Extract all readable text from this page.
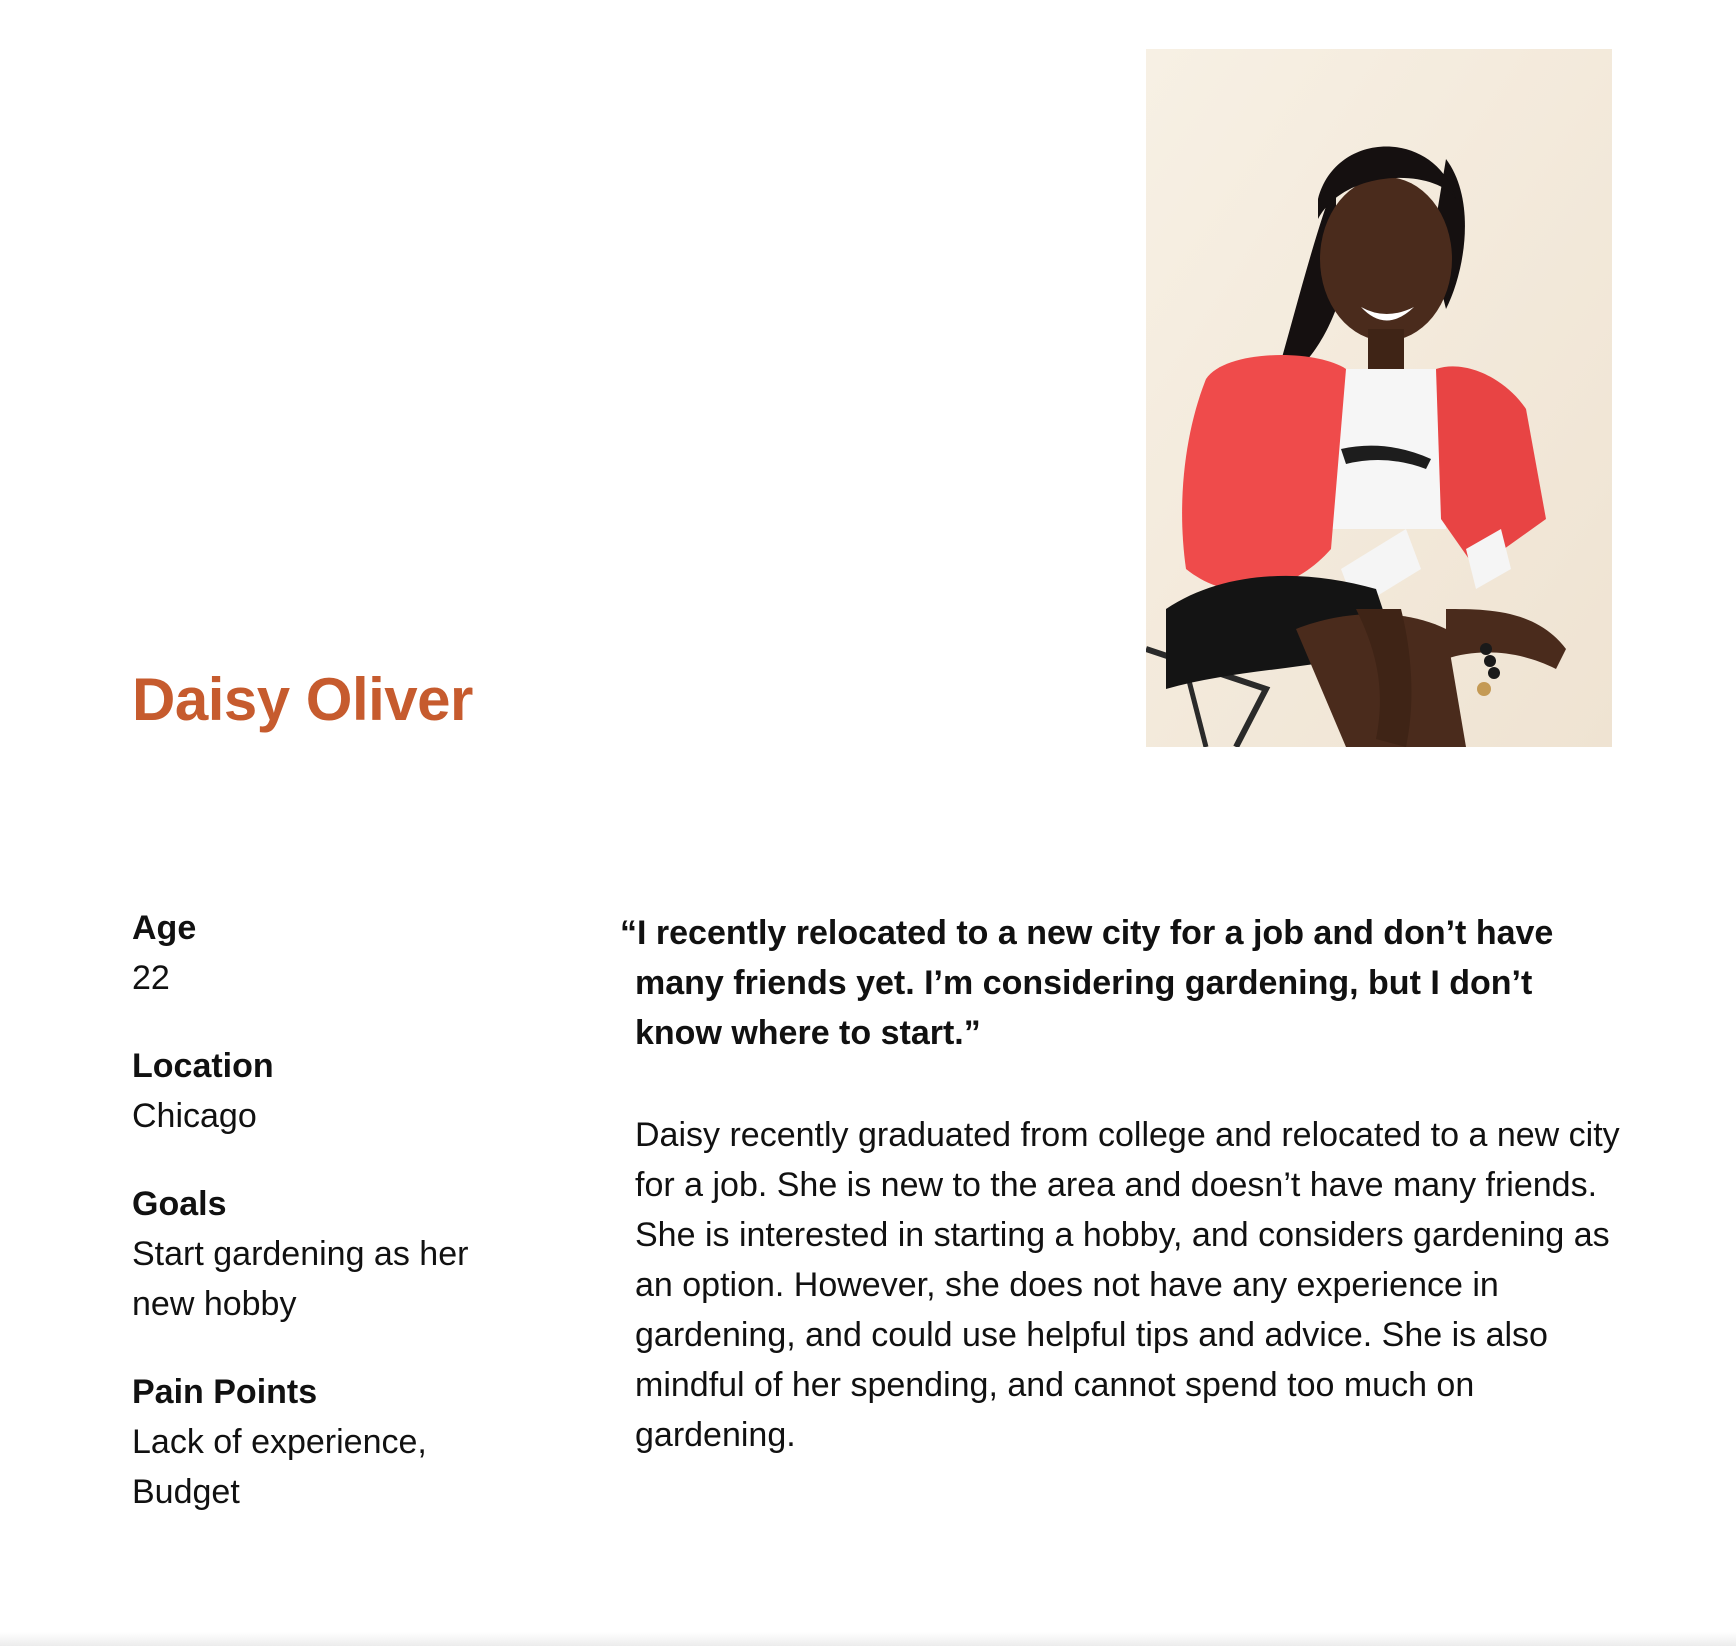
Daisy Oliver
Age
22
Location
Chicago
Goals
Start gardening as her new hobby
Pain Points
Lack of experience, Budget

“I recently relocated to a new city for a job and don’t have many friends yet. I’m considering gardening, but I don’t know where to start.”

Daisy recently graduated from college and relocated to a new city for a job. She is new to the area and doesn’t have many friends. She is interested in starting a hobby, and considers gardening as an option. However, she does not have any experience in gardening, and could use helpful tips and advice. She is also mindful of her spending, and cannot spend too much on gardening.
